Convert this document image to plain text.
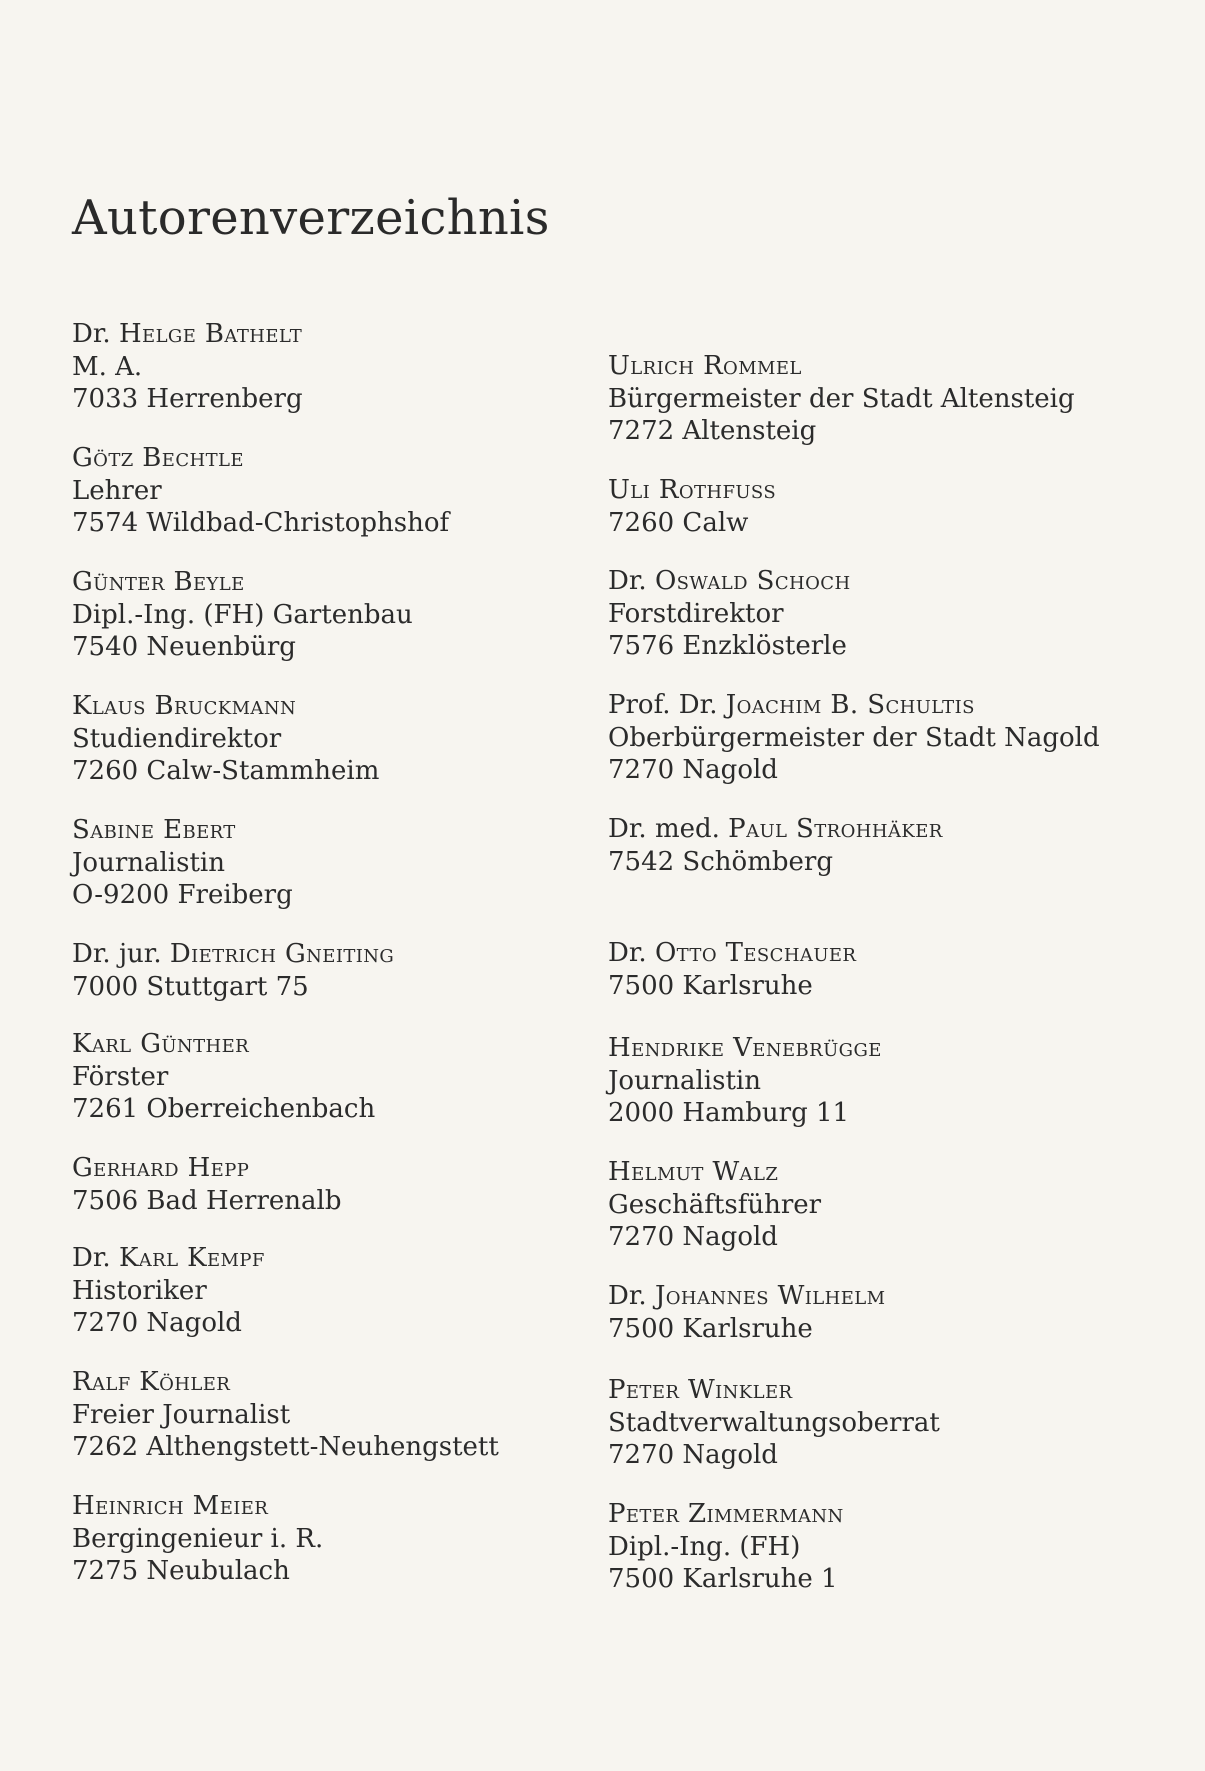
Autorenverzeichnis
Dr. Helge Bathelt
M. A.
7033 Herrenberg
Götz Bechtle
Lehrer
7574 Wildbad-Christophshof
Günter Beyle
Dipl.-Ing. (FH) Gartenbau
7540 Neuenbürg
Klaus Bruckmann
Studiendirektor
7260 Calw-Stammheim
Sabine Ebert
Journalistin
O-9200 Freiberg
Dr. jur. Dietrich Gneiting
7000 Stuttgart 75
Karl Günther
Förster
7261 Oberreichenbach
Gerhard Hepp
7506 Bad Herrenalb
Dr. Karl Kempf
Historiker
7270 Nagold
Ralf Köhler
Freier Journalist
7262 Althengstett-Neuhengstett
Heinrich Meier
Bergingenieur i. R.
7275 Neubulach
Ulrich Rommel
Bürgermeister der Stadt Altensteig
7272 Altensteig
Uli Rothfuss
7260 Calw
Dr. Oswald Schoch
Forstdirektor
7576 Enzklösterle
Prof. Dr. Joachim B. Schultis
Oberbürgermeister der Stadt Nagold
7270 Nagold
Dr. med. Paul Strohhäker
7542 Schömberg
Dr. Otto Teschauer
7500 Karlsruhe
Hendrike Venebrügge
Journalistin
2000 Hamburg 11
Helmut Walz
Geschäftsführer
7270 Nagold
Dr. Johannes Wilhelm
7500 Karlsruhe
Peter Winkler
Stadtverwaltungsoberrat
7270 Nagold
Peter Zimmermann
Dipl.-Ing. (FH)
7500 Karlsruhe 1
